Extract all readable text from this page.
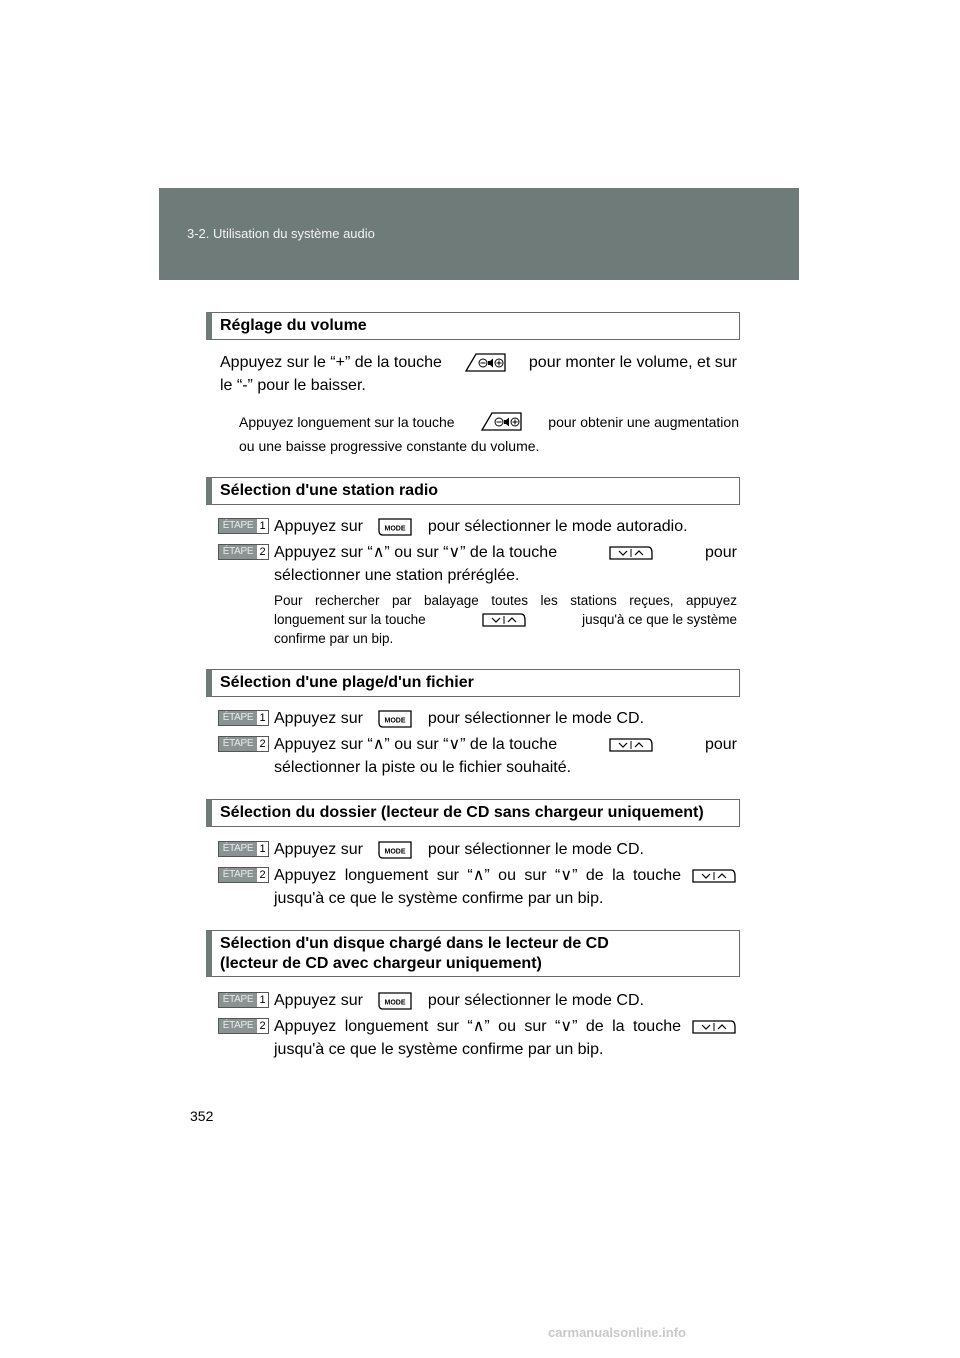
3-2. Utilisation du système audio
Réglage du volume
Appuyez sur le “+” de la touche	pour monter le volume, et sur
le “-” pour le baisser.
Appuyez longuement sur la touche	pour obtenir une augmentation
ou une baisse progressive constante du volume.
Sélection d'une station radio
ÉTAPE 1 Appuyez sur	pour sélectionner le mode autoradio.
ÉTAPE 2 Appuyez sur “∧” ou sur “∨” de la touche	pour
sélectionner une station préréglée.
Pour rechercher par balayage toutes les stations reçues, appuyez
longuement sur la touche	jusqu'à ce que le système
confirme par un bip.
Sélection d'une plage/d'un fichier
ÉTAPE 1 Appuyez sur	pour sélectionner le mode CD.
ÉTAPE 2 Appuyez sur “∧” ou sur “∨” de la touche	pour
sélectionner la piste ou le fichier souhaité.
Sélection du dossier (lecteur de CD sans chargeur uniquement)
ÉTAPE 1 Appuyez sur	pour sélectionner le mode CD.
ÉTAPE 2 Appuyez longuement sur “∧” ou sur “∨” de la touche
jusqu'à ce que le système confirme par un bip.
Sélection d'un disque chargé dans le lecteur de CD
(lecteur de CD avec chargeur uniquement)
ÉTAPE 1 Appuyez sur	pour sélectionner le mode CD.
ÉTAPE 2 Appuyez longuement sur “∧” ou sur “∨” de la touche
jusqu'à ce que le système confirme par un bip.
352
carmanualsonline.info
